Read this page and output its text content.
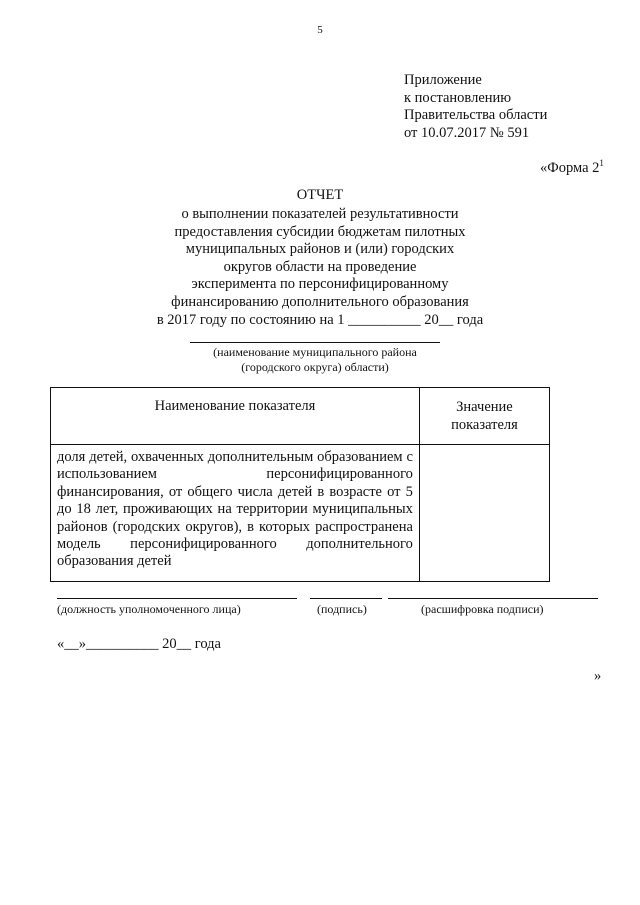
5
Приложение
к постановлению
Правительства области
от 10.07.2017 № 591
«Форма $2^1$
ОТЧЕТ
о выполнении показателей результативности
предоставления субсидии бюджетам пилотных
муниципальных районов и (или) городских
округов области на проведение
эксперимента по персонифицированному
финансированию дополнительного образования
в 2017 году по состоянию на 1 __________ 20__ года
(наименование муниципального района
(городского округа) области)
Наименование показателя	Значение
показателя

доля детей, охваченных дополнительным образованием с использованием персонифицированного финансирования, от общего числа детей в возрасте от 5 до 18 лет, проживающих на территории муниципальных районов (городских округов), в которых распространена модель персонифицированного дополнительного образования детей	
(должность уполномоченного лица)	(подпись)	(расшифровка подписи)
«__»__________ 20__ года
»
